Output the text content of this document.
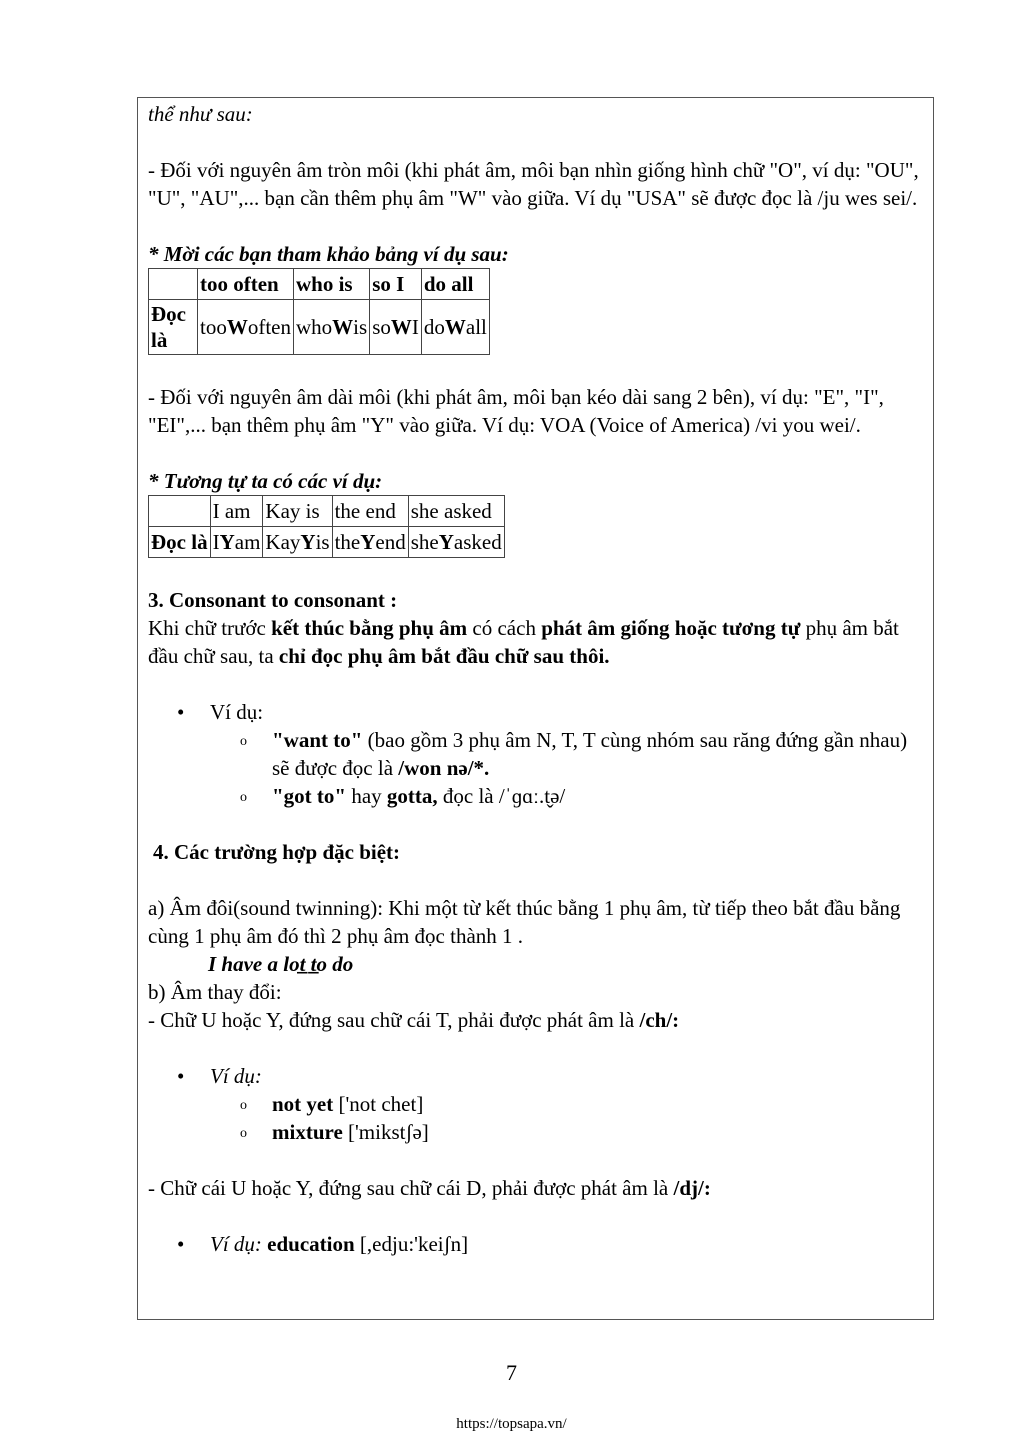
thể như sau:

- Đối với nguyên âm tròn môi (khi phát âm, môi bạn nhìn giống hình chữ "O", ví dụ: "OU", "U", "AU",... bạn cần thêm phụ âm "W" vào giữa. Ví dụ "USA" sẽ được đọc là /ju wes sei/.

* Mời các bạn tham khảo bảng ví dụ sau:

	too often	who is	so I	do all
Đọc là	tooWoften	whoWis	soWI	doWall

- Đối với nguyên âm dài môi (khi phát âm, môi bạn kéo dài sang 2 bên), ví dụ: "E", "I", "EI",... bạn thêm phụ âm "Y" vào giữa. Ví dụ: VOA (Voice of America) /vi you wei/.

* Tương tự ta có các ví dụ:

	I am	Kay is	the end	she asked
Đọc là	IYam	KayYis	theYend	sheYasked

3. Consonant to consonant :

Khi chữ trước kết thúc bằng phụ âm có cách phát âm giống hoặc tương tự phụ âm bắt đầu chữ sau, ta chỉ đọc phụ âm bắt đầu chữ sau thôi.

• Ví dụ:
o "want to" (bao gồm 3 phụ âm N, T, T cùng nhóm sau răng đứng gần nhau) sẽ được đọc là /won nə/*.
o "got to" hay gotta, đọc là /ˈɡɑː.t̬ə/

4. Các trường hợp đặc biệt:

a) Âm đôi(sound twinning): Khi một từ kết thúc bằng 1 phụ âm, từ tiếp theo bắt đầu bằng cùng 1 phụ âm đó thì 2 phụ âm đọc thành 1 .

I have a lot̲ t̲o do

b) Âm thay đổi:

- Chữ U hoặc Y, đứng sau chữ cái T, phải được phát âm là /ch/:

• Ví dụ:
o not yet ['not chet]
o mixture ['mikstʃə]

- Chữ cái U hoặc Y, đứng sau chữ cái D, phải được phát âm là /dj/:

• Ví dụ: education [,edju:'keiʃn]
7
https://topsapa.vn/
